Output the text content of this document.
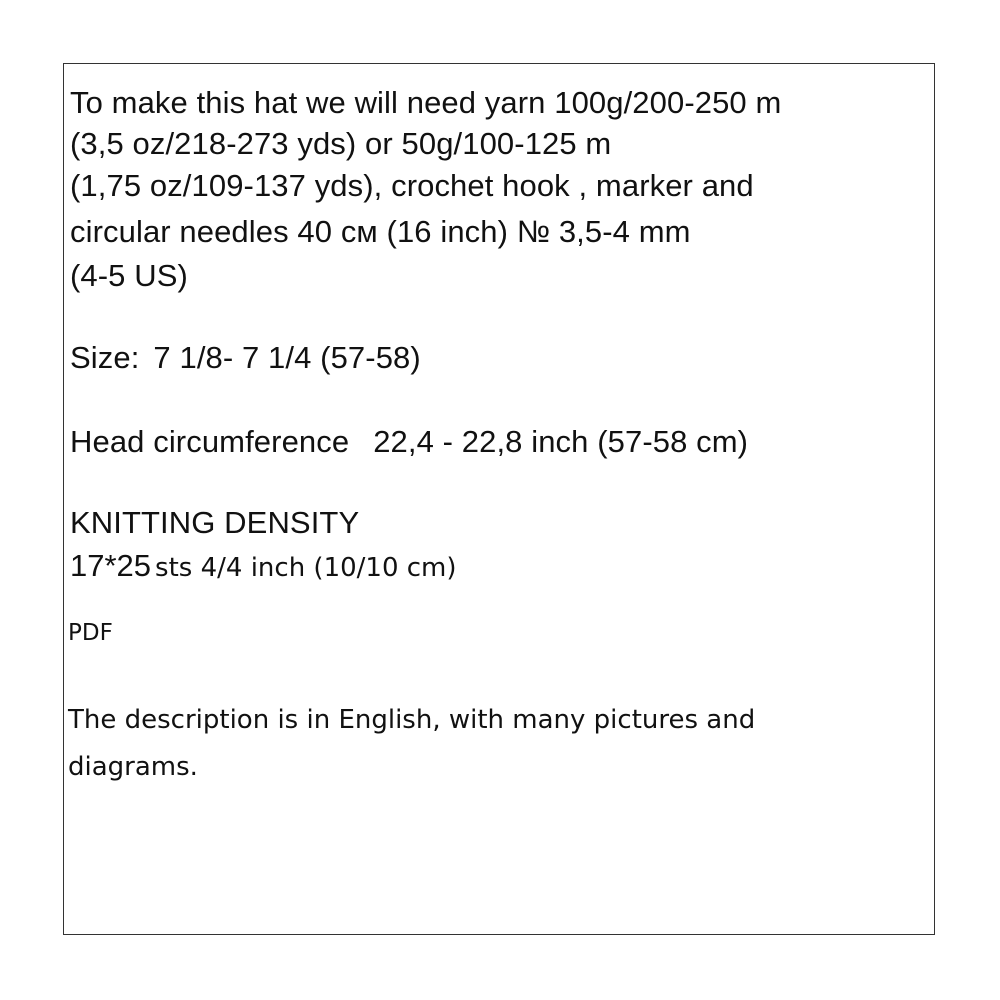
To make this hat we will need yarn 100g/200-250 m

(3,5 oz/218-273 yds) or 50g/100-125 m

(1,75 oz/109-137 yds), crochet hook , marker and

circular needles 40 см (16 inch) № 3,5-4 mm

(4-5 US)

Size: 7 1/8- 7 1/4 (57-58)

Head circumference 22,4 - 22,8 inch (57-58 cm)

KNITTING DENSITY

17*25 sts 4/4 inch (10/10 cm)

PDF

The description is in English, with many pictures and

diagrams.
